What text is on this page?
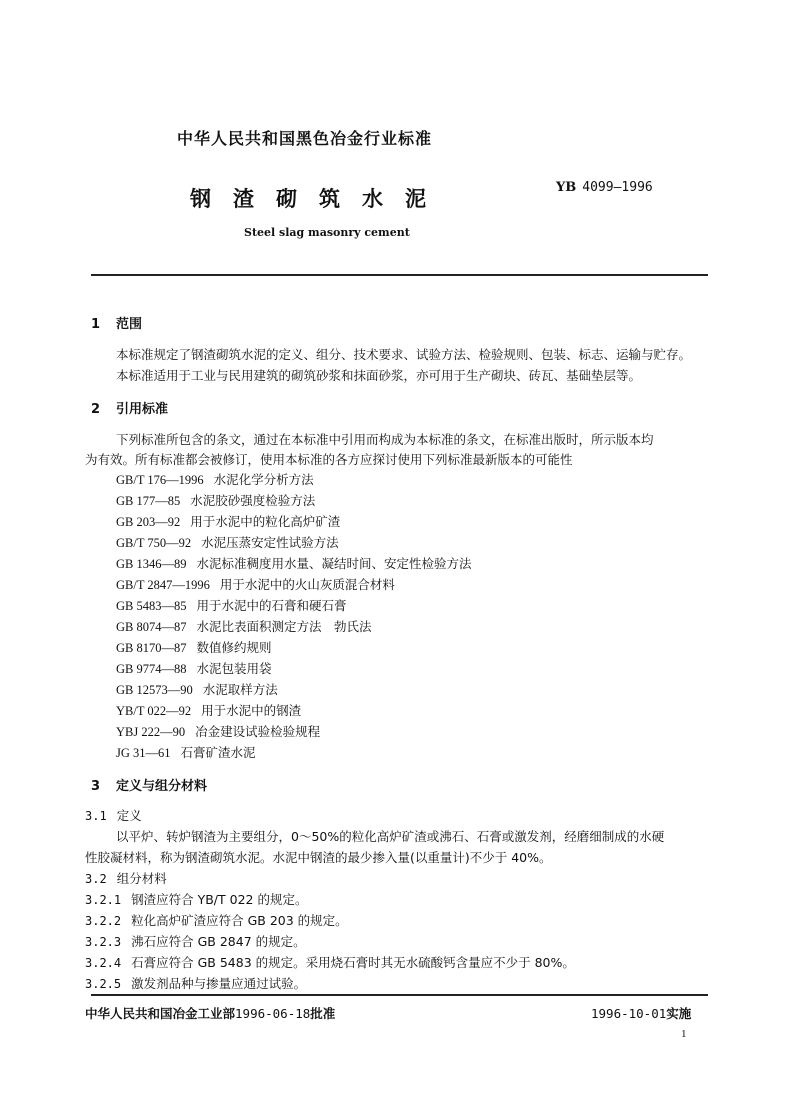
中华人民共和国黑色冶金行业标准
钢渣砌筑水泥	YB 4099—1996
Steel slag masonry cement
1 范围
本标准规定了钢渣砌筑水泥的定义、组分、技术要求、试验方法、检验规则、包装、标志、运输与贮存。
本标准适用于工业与民用建筑的砌筑砂浆和抹面砂浆，亦可用于生产砌块、砖瓦、基础垫层等。
2 引用标准
下列标准所包含的条文，通过在本标准中引用而构成为本标准的条文，在标准出版时，所示版本均
为有效。所有标准都会被修订，使用本标准的各方应探讨使用下列标准最新版本的可能性
GB/T 176—1996 水泥化学分析方法
GB 177—85 水泥胶砂强度检验方法
GB 203—92 用于水泥中的粒化高炉矿渣
GB/T 750—92 水泥压蒸安定性试验方法
GB 1346—89 水泥标准稠度用水量、凝结时间、安定性检验方法
GB/T 2847—1996 用于水泥中的火山灰质混合材料
GB 5483—85 用于水泥中的石膏和硬石膏
GB 8074—87 水泥比表面积测定方法　勃氏法
GB 8170—87 数值修约规则
GB 9774—88 水泥包装用袋
GB 12573—90 水泥取样方法
YB/T 022—92 用于水泥中的钢渣
YBJ 222—90 冶金建设试验检验规程
JG 31—61 石膏矿渣水泥
3 定义与组分材料
3.1 定义
以平炉、转炉钢渣为主要组分，0～50%的粒化高炉矿渣或沸石、石膏或激发剂，经磨细制成的水硬
性胶凝材料，称为钢渣砌筑水泥。水泥中钢渣的最少掺入量(以重量计)不少于 40%。
3.2 组分材料
3.2.1 钢渣应符合 YB/T 022 的规定。
3.2.2 粒化高炉矿渣应符合 GB 203 的规定。
3.2.3 沸石应符合 GB 2847 的规定。
3.2.4 石膏应符合 GB 5483 的规定。采用烧石膏时其无水硫酸钙含量应不少于 80%。
3.2.5 激发剂品种与掺量应通过试验。
中华人民共和国冶金工业部1996-06-18批准	1996-10-01实施
1
